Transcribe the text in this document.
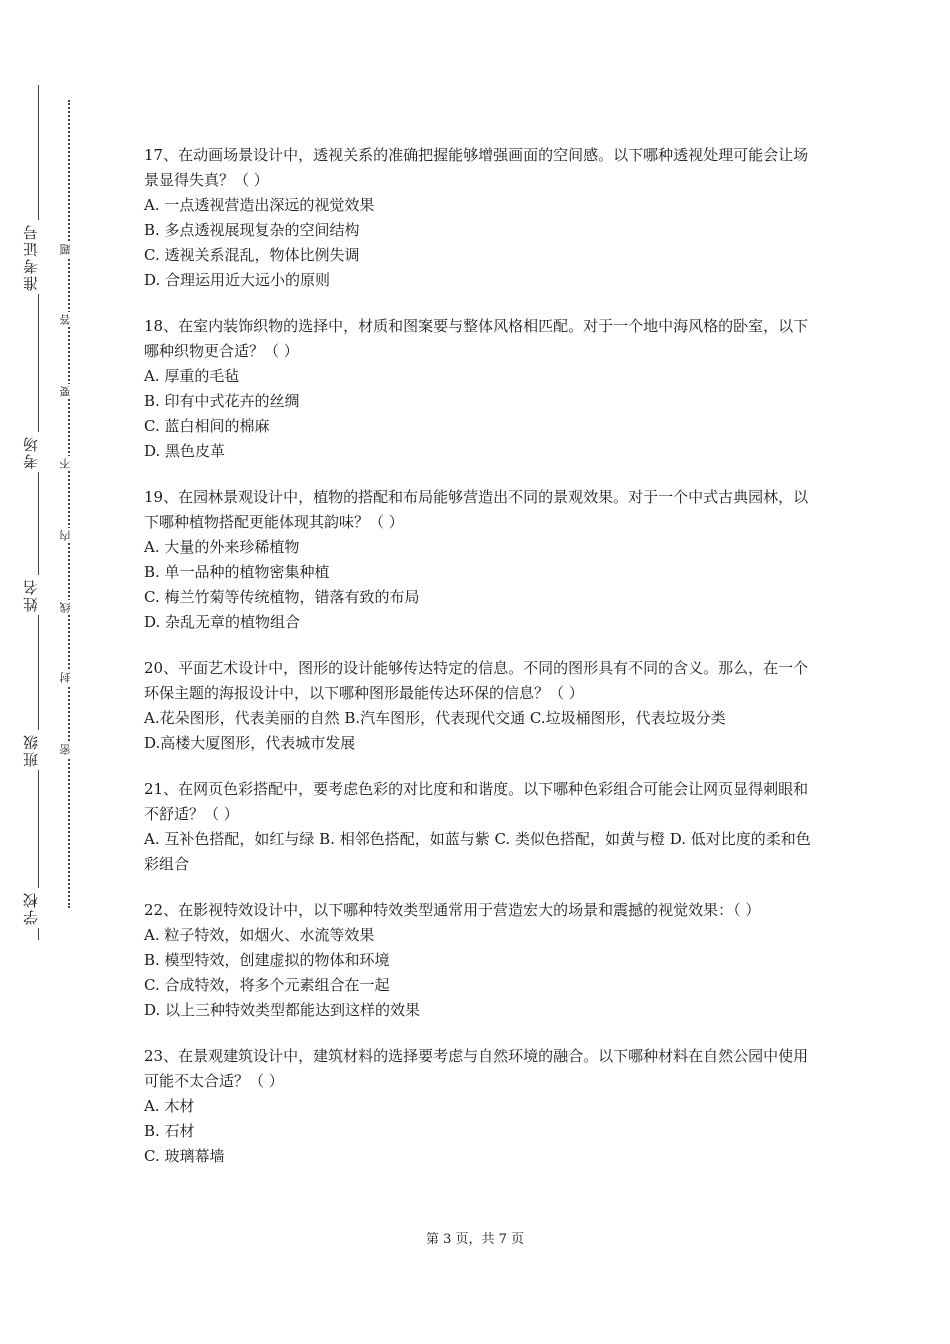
准考证号
考场
姓名
班级
学校
题
答
要
不
内
线
封
密

17、在动画场景设计中，透视关系的准确把握能够增强画面的空间感。以下哪种透视处理可能会让场景显得失真？（ ）

A. 一点透视营造出深远的视觉效果

B. 多点透视展现复杂的空间结构

C. 透视关系混乱，物体比例失调

D. 合理运用近大远小的原则

18、在室内装饰织物的选择中，材质和图案要与整体风格相匹配。对于一个地中海风格的卧室，以下哪种织物更合适？（ ）

A. 厚重的毛毡

B. 印有中式花卉的丝绸

C. 蓝白相间的棉麻

D. 黑色皮革

19、在园林景观设计中，植物的搭配和布局能够营造出不同的景观效果。对于一个中式古典园林，以下哪种植物搭配更能体现其韵味？（ ）

A. 大量的外来珍稀植物

B. 单一品种的植物密集种植

C. 梅兰竹菊等传统植物，错落有致的布局

D. 杂乱无章的植物组合

20、平面艺术设计中，图形的设计能够传达特定的信息。不同的图形具有不同的含义。那么，在一个环保主题的海报设计中，以下哪种图形最能传达环保的信息？（ ）

A.花朵图形，代表美丽的自然 B.汽车图形，代表现代交通 C.垃圾桶图形，代表垃圾分类

D.高楼大厦图形，代表城市发展

21、在网页色彩搭配中，要考虑色彩的对比度和和谐度。以下哪种色彩组合可能会让网页显得刺眼和不舒适？（ ）

A. 互补色搭配，如红与绿 B. 相邻色搭配，如蓝与紫 C. 类似色搭配，如黄与橙 D. 低对比度的柔和色彩组合

22、在影视特效设计中，以下哪种特效类型通常用于营造宏大的场景和震撼的视觉效果：（ ）

A. 粒子特效，如烟火、水流等效果

B. 模型特效，创建虚拟的物体和环境

C. 合成特效，将多个元素组合在一起

D. 以上三种特效类型都能达到这样的效果

23、在景观建筑设计中，建筑材料的选择要考虑与自然环境的融合。以下哪种材料在自然公园中使用可能不太合适？（ ）

A. 木材

B. 石材

C. 玻璃幕墙

第 3 页，共 7 页
